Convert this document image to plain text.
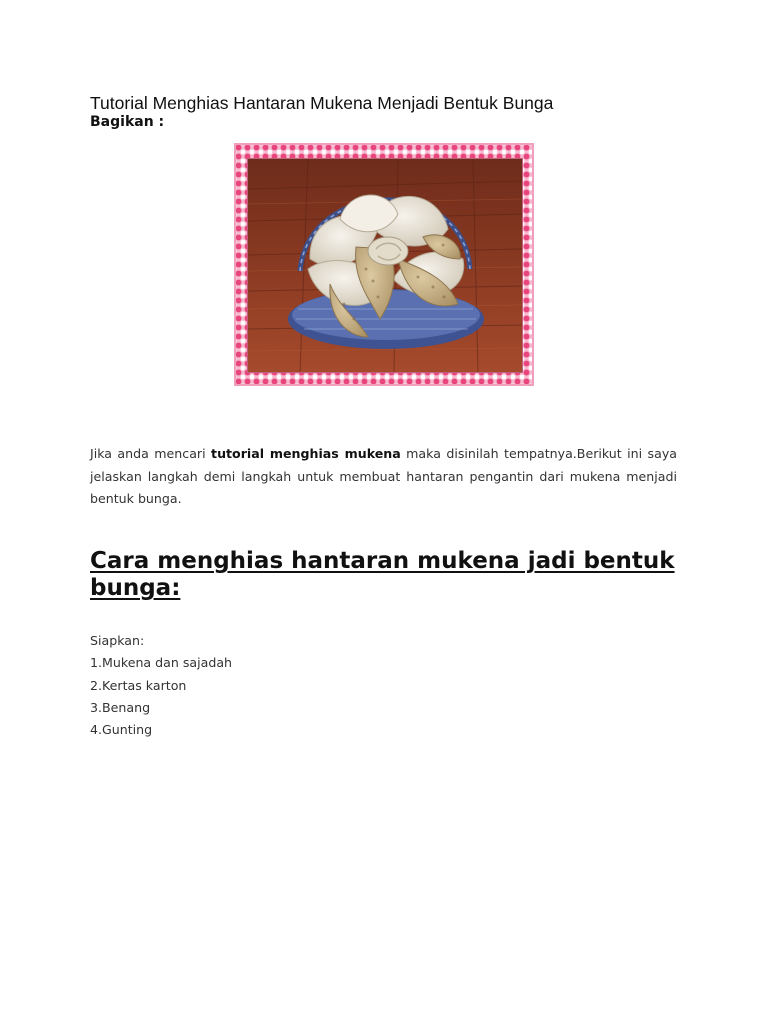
Tutorial Menghias Hantaran Mukena Menjadi Bentuk Bunga
Bagikan :

Jika anda mencari tutorial menghias mukena maka disinilah tempatnya.Berikut ini saya jelaskan langkah demi langkah untuk membuat hantaran pengantin dari mukena menjadi bentuk bunga.

Cara menghias hantaran mukena jadi bentuk bunga:

Siapkan:

1.Mukena dan sajadah

2.Kertas karton

3.Benang

4.Gunting
